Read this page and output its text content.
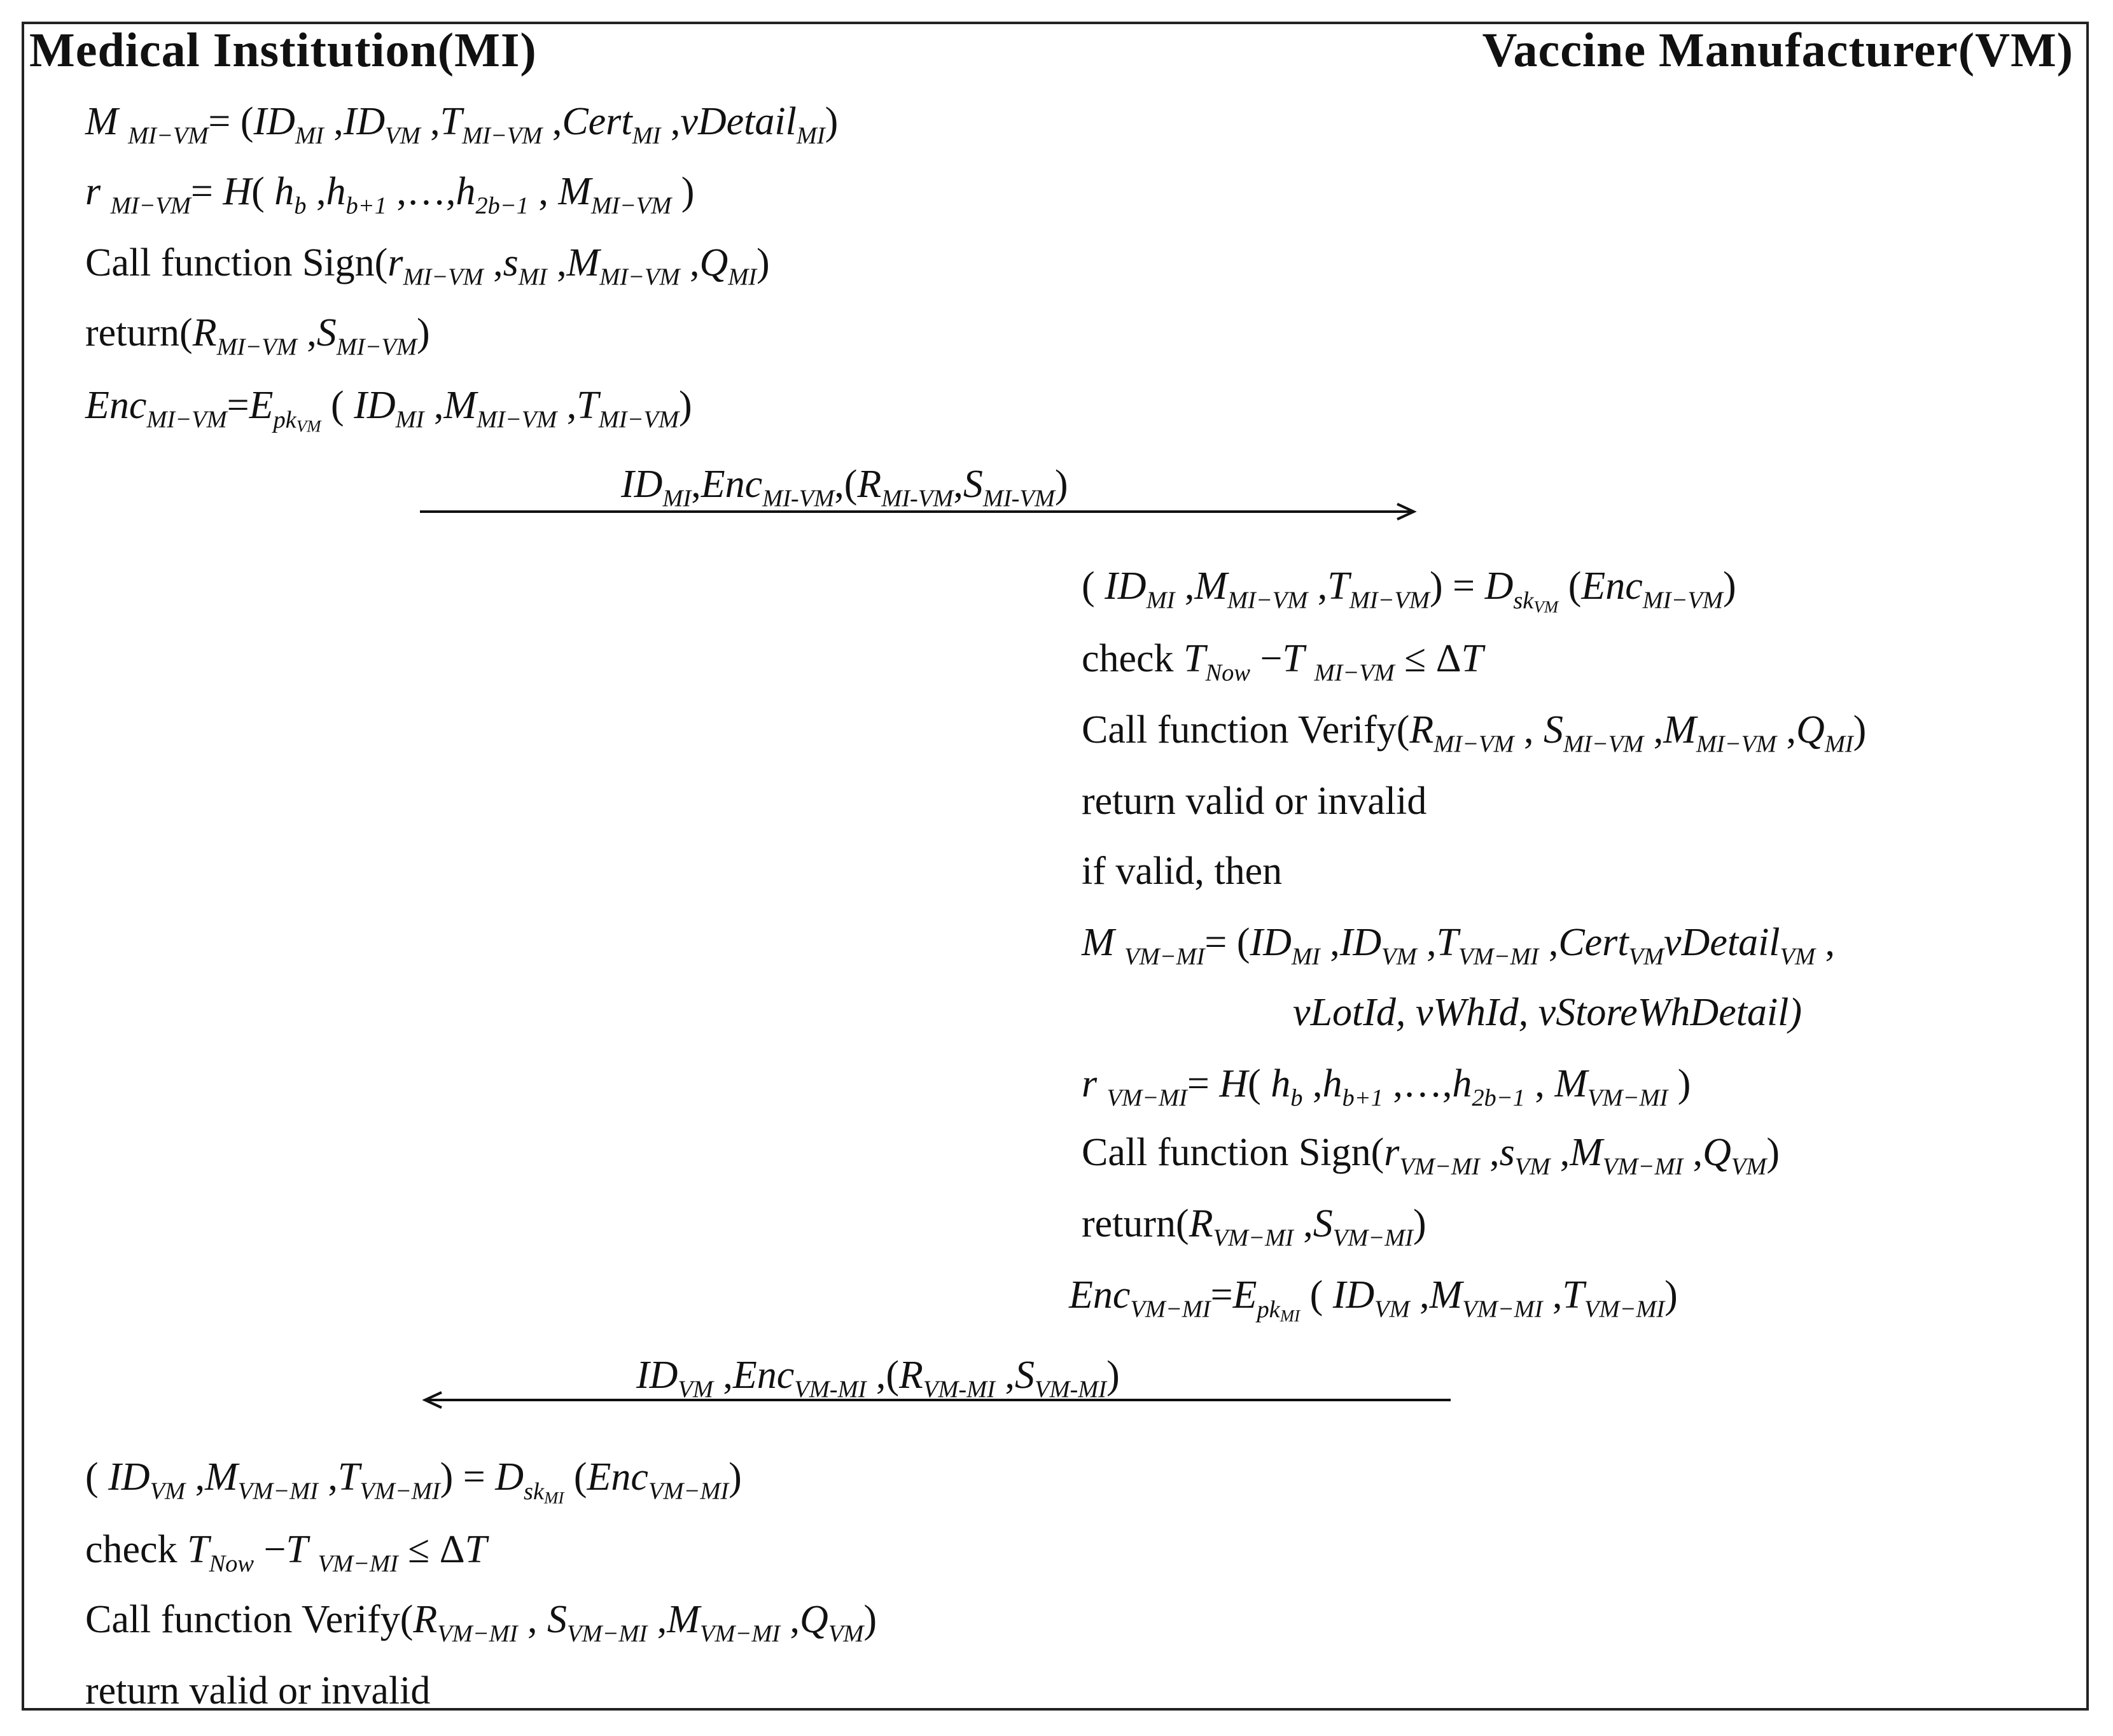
Medical Institution(MI)	Vaccine Manufacturer(VM)
M $_{MI-VM}= (ID_{MI}$ $,ID_{VM}$ $,T_{MI-VM}$ ,Cert$_{MI}$ ,vDetail$_{MI}$)
r $_{MI-VM}$= H( $h_b$ $,h_{b+1}$ $,\dots,h_{2b-1}$ , $M_{MI-VM}$ )
Call function $Sign(r_{MI-VM}$ $,s_{MI}$ $,M_{MI-VM}$ $,Q_{MI}$)
$return(R_{MI-VM}$ $,S_{MI-VM}$)
$Enc_{MI-VM}=E_{pk_{VM}}$ ( $ID_{MI}$ $,M_{MI-VM}$ $,T_{MI-VM}$)
$ID_{MI},Enc_{MI-VM},(R_{MI-VM},S_{MI-VM})$
( $ID_{MI}$ $,M_{MI-VM}$ $,T_{MI-VM}) = D_{sk_{VM}}$ (Enc$_{MI-VM}$)
check $T_{Now} -T$ $_{MI-VM}$ ≤ ΔT
Call function $Verify(R_{MI-VM}$ , $S_{MI-VM}$ $,M_{MI-VM}$ $,Q_{MI}$)
return valid or invalid
if valid, then
M $_{VM-MI}= (ID_{MI}$ $,ID_{VM}$ $,T_{VM-MI}$ ,Cert$_{VM}$vDetail$_{VM}$ ,
vLotId, vWhId, vStoreWhDetail)
r $_{VM-MI}$= H( $h_b$ $,h_{b+1}$ $,\dots,h_{2b-1}$ , $M_{VM-MI}$ )
Call function $Sign(r_{VM-MI}$ $,s_{VM}$ $,M_{VM-MI}$ $,Q_{VM}$)
$return(R_{VM-MI}$ $,S_{VM-MI}$)
$Enc_{VM-MI}=E_{pk_{MI}}$ ( $ID_{VM}$ $,M_{VM-MI}$ $,T_{VM-MI}$)
$ID_{VM}$ ,Enc$_{VM-MI}$ $,(R_{VM-MI}$ $,S_{VM-MI}$)
( $ID_{VM}$ $,M_{VM-MI}$ $,T_{VM-MI}) = D_{sk_{MI}}$ (Enc$_{VM-MI}$)
check $T_{Now} -T$ $_{VM-MI}$ ≤ ΔT
Call function $Verify(R_{VM-MI}$ , $S_{VM-MI}$ $,M_{VM-MI}$ $,Q_{VM}$)
return valid or invalid
